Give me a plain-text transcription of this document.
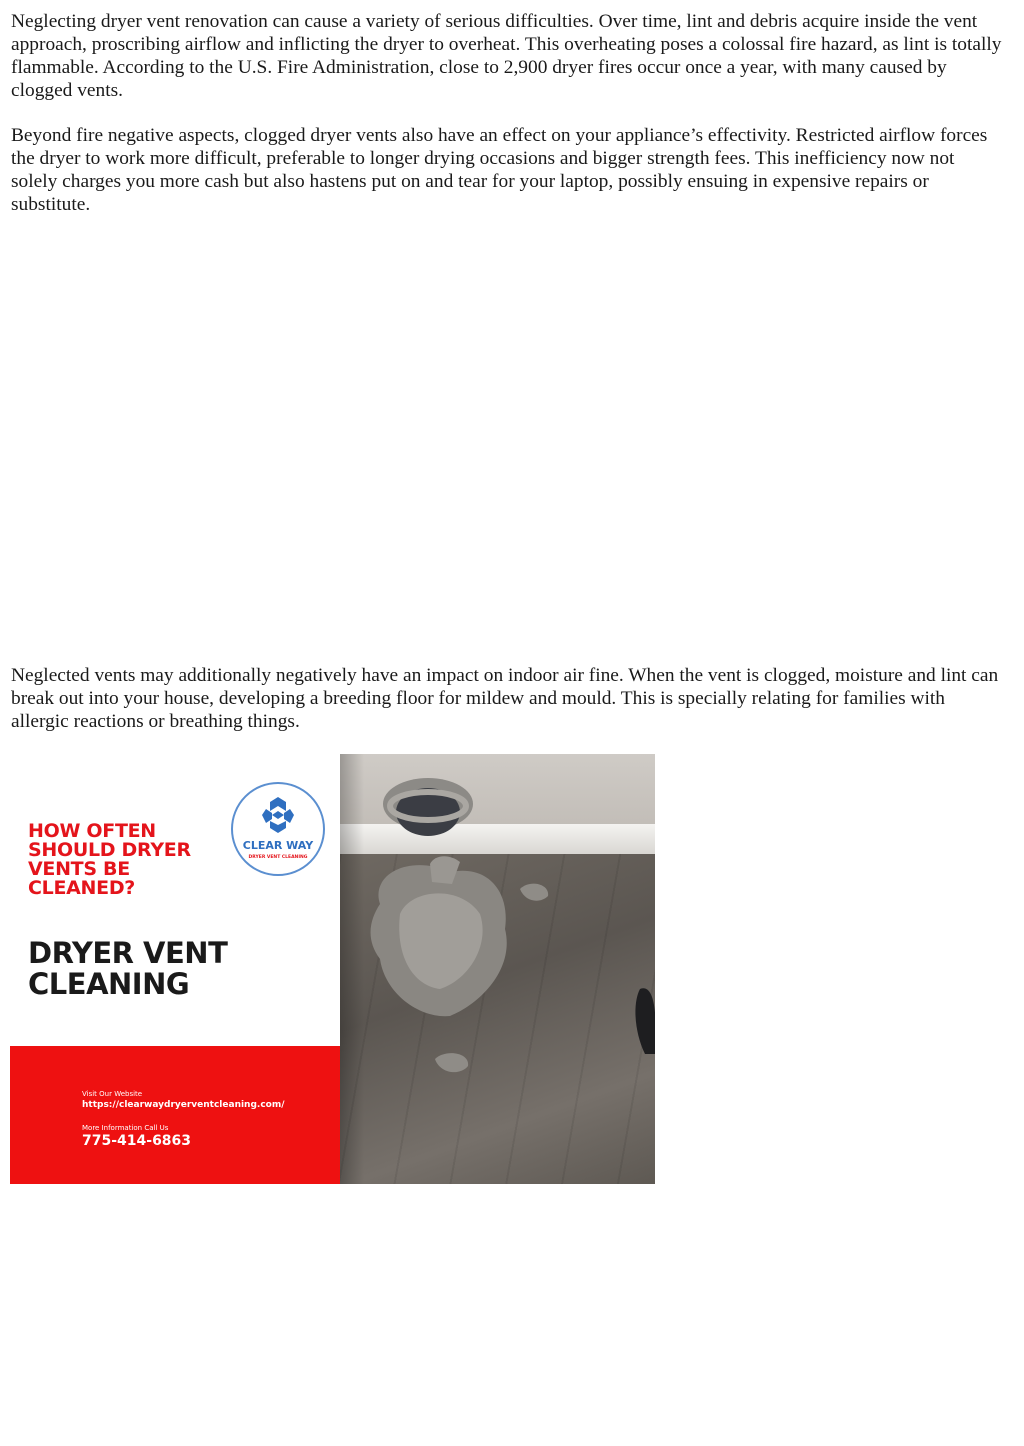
Neglecting dryer vent renovation can cause a variety of serious difficulties. Over time, lint and debris acquire inside the vent approach, proscribing airflow and inflicting the dryer to overheat. This overheating poses a colossal fire hazard, as lint is totally flammable. According to the U.S. Fire Administration, close to 2,900 dryer fires occur once a year, with many caused by clogged vents.

Beyond fire negative aspects, clogged dryer vents also have an effect on your appliance’s effectivity. Restricted airflow forces the dryer to work more difficult, preferable to longer drying occasions and bigger strength fees. This inefficiency now not solely charges you more cash but also hastens put on and tear for your laptop, possibly ensuing in expensive repairs or substitute.

Neglected vents may additionally negatively have an impact on indoor air fine. When the vent is clogged, moisture and lint can break out into your house, developing a breeding floor for mildew and mould. This is specially relating for families with allergic reactions or breathing things.

HOW OFTEN SHOULD DRYER VENTS BE CLEANED?
DRYER VENT CLEANING
CLEAR WAY
DRYER VENT CLEANING
Visit Our Website
https://clearwaydryerventcleaning.com/
More Information Call Us
775-414-6863
